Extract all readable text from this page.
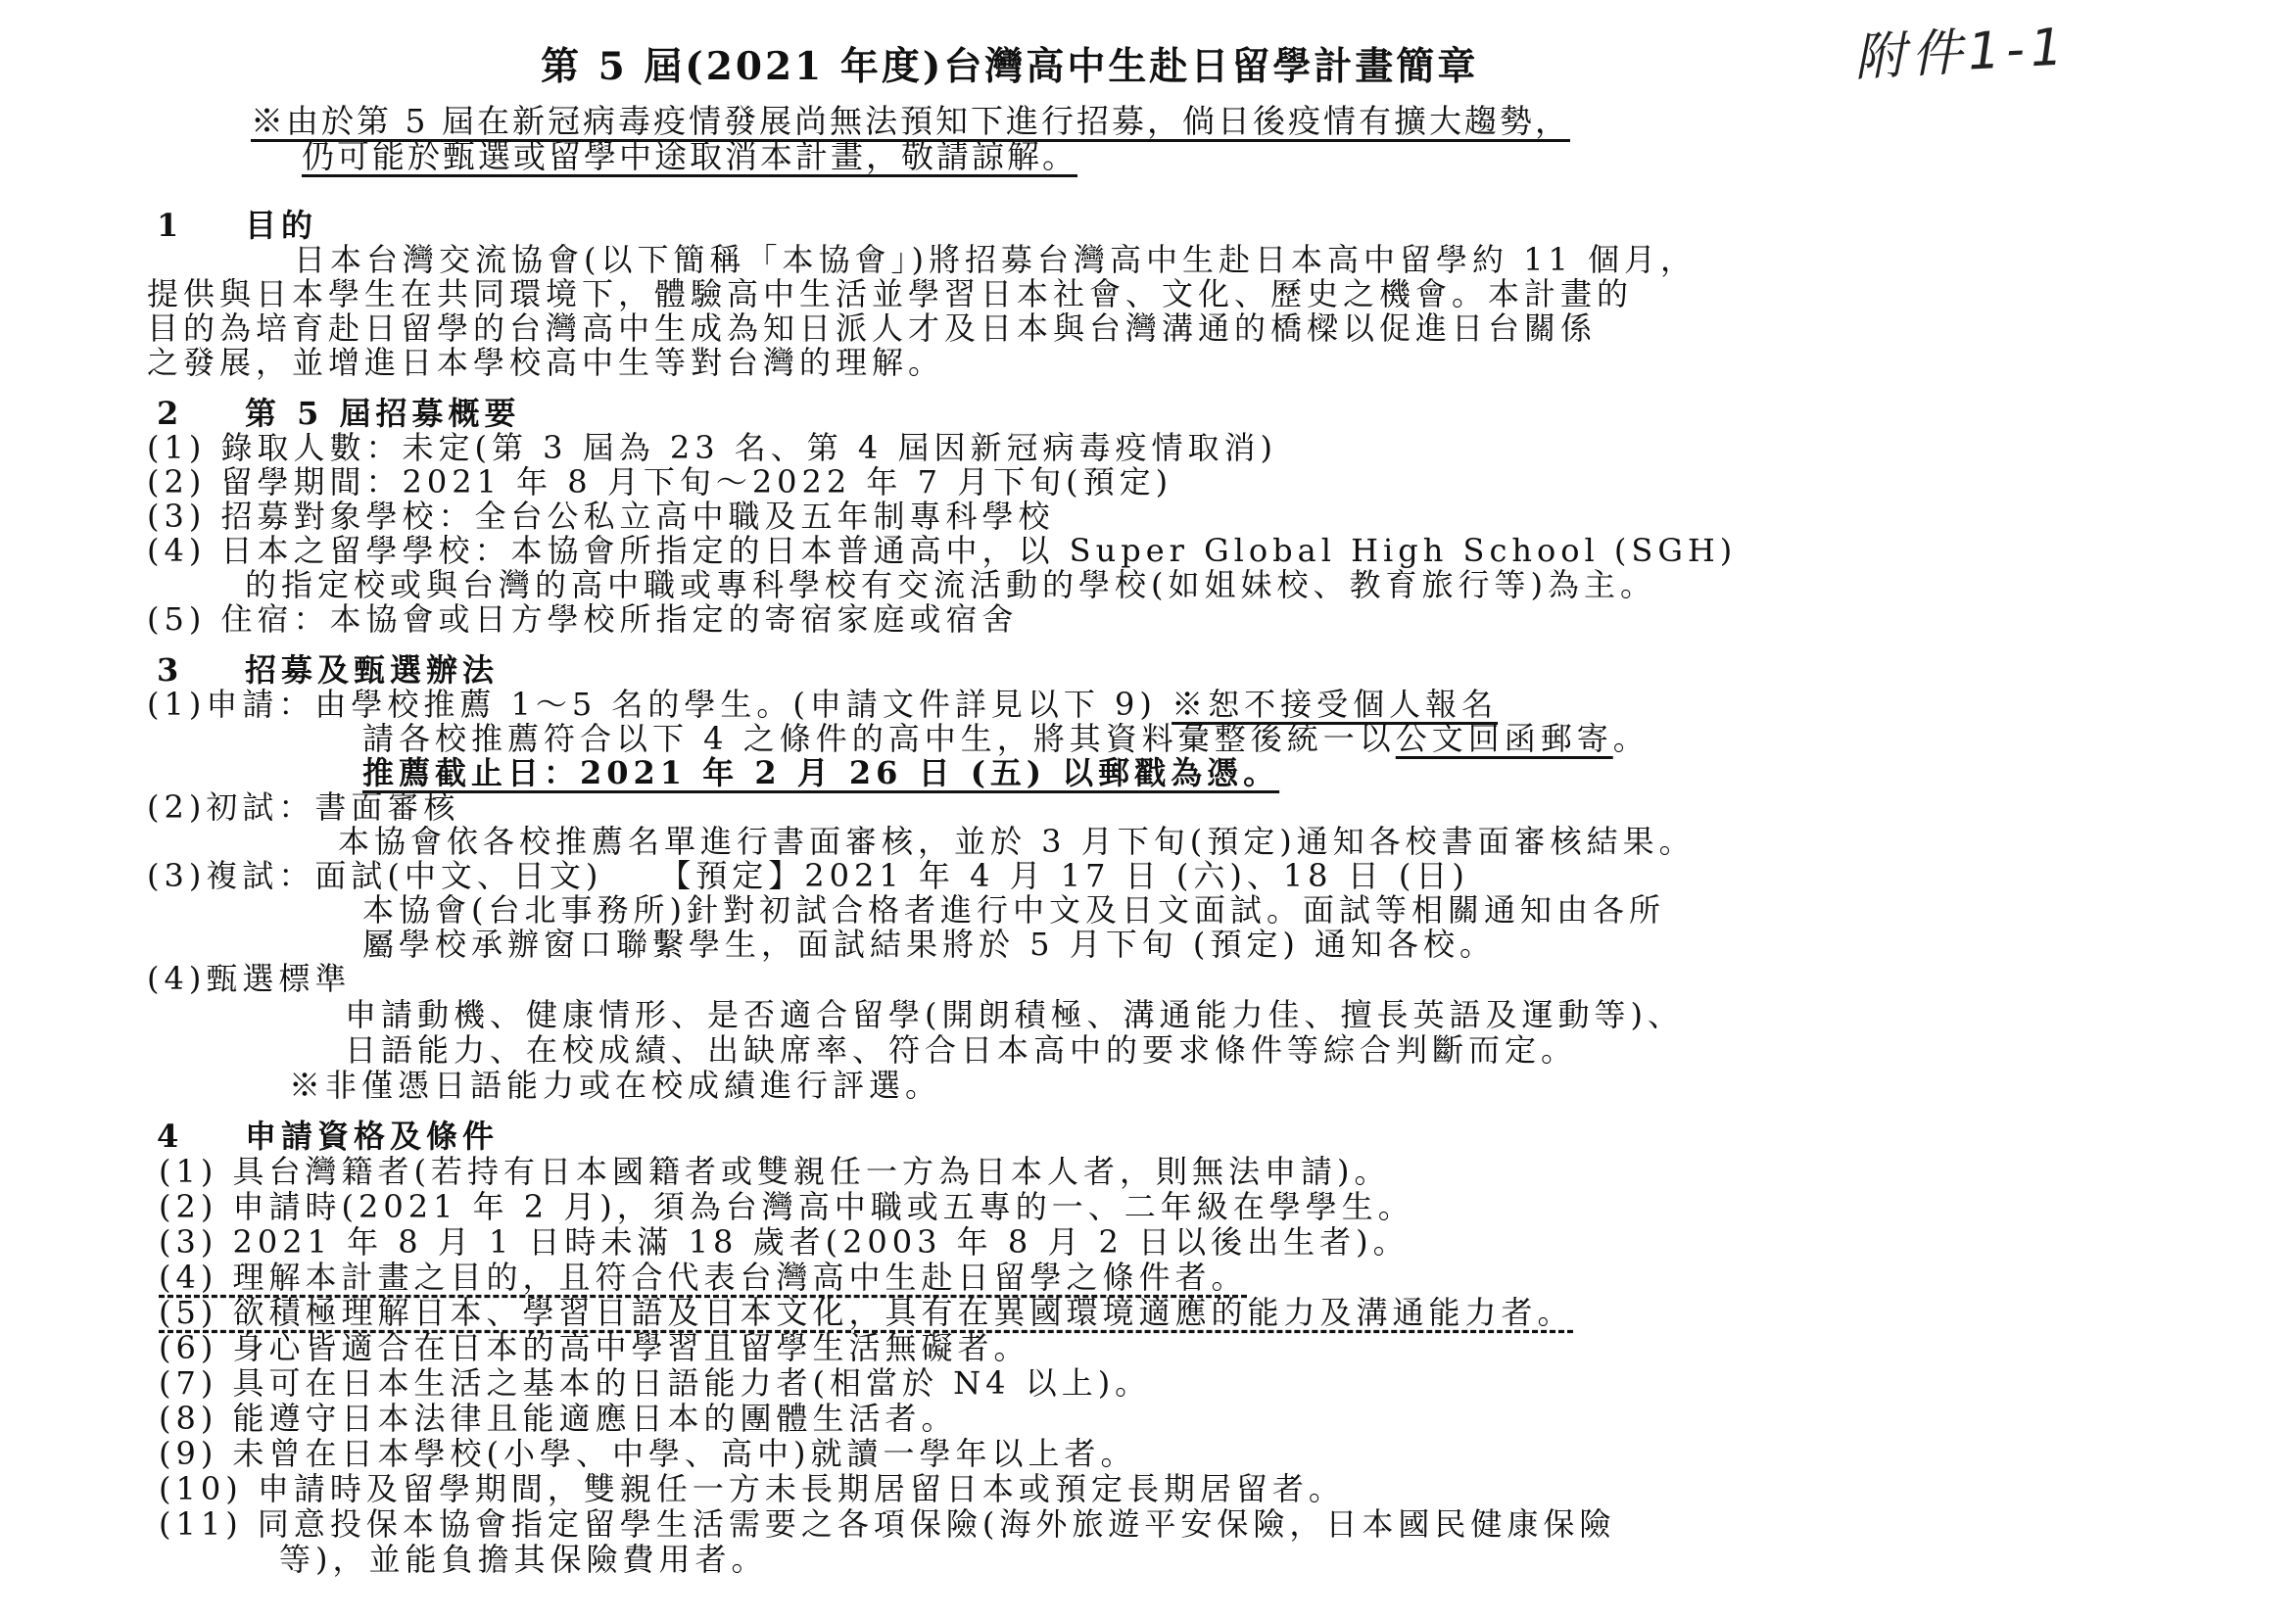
附件1-1
第 5 屆(2021 年度)台灣高中生赴日留學計畫簡章
※由於第 5 屆在新冠病毒疫情發展尚無法預知下進行招募，倘日後疫情有擴大趨勢，
仍可能於甄選或留學中途取消本計畫，敬請諒解。
1 目的
日本台灣交流協會(以下簡稱「本協會」)將招募台灣高中生赴日本高中留學約 11 個月，
提供與日本學生在共同環境下，體驗高中生活並學習日本社會、文化、歷史之機會。本計畫的
目的為培育赴日留學的台灣高中生成為知日派人才及日本與台灣溝通的橋樑以促進日台關係
之發展，並增進日本學校高中生等對台灣的理解。
2 第 5 屆招募概要
(1) 錄取人數：未定(第 3 屆為 23 名、第 4 屆因新冠病毒疫情取消)
(2) 留學期間：2021 年 8 月下旬～2022 年 7 月下旬(預定)
(3) 招募對象學校：全台公私立高中職及五年制專科學校
(4) 日本之留學學校：本協會所指定的日本普通高中，以 Super Global High School (SGH)
的指定校或與台灣的高中職或專科學校有交流活動的學校(如姐妹校、教育旅行等)為主。
(5) 住宿：本協會或日方學校所指定的寄宿家庭或宿舍
3 招募及甄選辦法
(1)申請：由學校推薦 1～5 名的學生。(申請文件詳見以下 9) ※恕不接受個人報名
請各校推薦符合以下 4 之條件的高中生，將其資料彙整後統一以公文回函郵寄。
推薦截止日：2021 年 2 月 26 日 (五) 以郵戳為憑。
(2)初試：書面審核
本協會依各校推薦名單進行書面審核，並於 3 月下旬(預定)通知各校書面審核結果。
(3)複試：面試(中文、日文)　　【預定】2021 年 4 月 17 日 (六)、18 日 (日)
本協會(台北事務所)針對初試合格者進行中文及日文面試。面試等相關通知由各所
屬學校承辦窗口聯繫學生，面試結果將於 5 月下旬 (預定) 通知各校。
(4)甄選標準
申請動機、健康情形、是否適合留學(開朗積極、溝通能力佳、擅長英語及運動等)、
日語能力、在校成績、出缺席率、符合日本高中的要求條件等綜合判斷而定。
※非僅憑日語能力或在校成績進行評選。
4 申請資格及條件
(1) 具台灣籍者(若持有日本國籍者或雙親任一方為日本人者，則無法申請)。
(2) 申請時(2021 年 2 月)，須為台灣高中職或五專的一、二年級在學學生。
(3) 2021 年 8 月 1 日時未滿 18 歲者(2003 年 8 月 2 日以後出生者)。
(4) 理解本計畫之目的，且符合代表台灣高中生赴日留學之條件者。
(5) 欲積極理解日本、學習日語及日本文化，具有在異國環境適應的能力及溝通能力者。
(6) 身心皆適合在日本的高中學習且留學生活無礙者。
(7) 具可在日本生活之基本的日語能力者(相當於 N4 以上)。
(8) 能遵守日本法律且能適應日本的團體生活者。
(9) 未曾在日本學校(小學、中學、高中)就讀一學年以上者。
(10) 申請時及留學期間，雙親任一方未長期居留日本或預定長期居留者。
(11) 同意投保本協會指定留學生活需要之各項保險(海外旅遊平安保險，日本國民健康保險
等)，並能負擔其保險費用者。
